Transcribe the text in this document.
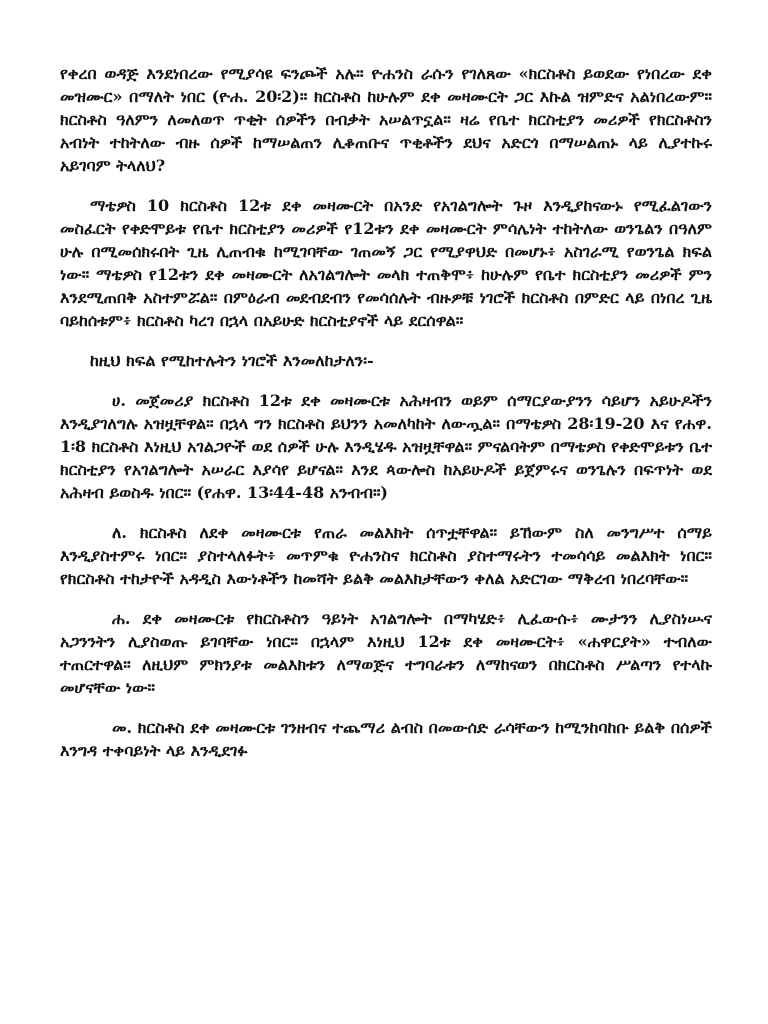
የቀረበ ወዳጅ እንደነበረው የሚያሳዩ ፍንጮች አሉ። ዮሐንስ ራሱን የገለጸው «ክርስቶስ ይወደው የነበረው ደቀ መዝሙር» በማለት ነበር (ዮሐ. 20፡2)። ክርስቶስ ከሁሉም ደቀ መዛሙርት ጋር እኩል ዝምድና አልነበረውም። ክርስቶስ ዓለምን ለመለወጥ ጥቂት ሰዎችን በብቃት አሠልጥኗል። ዛሬ የቤተ ክርስቲያን መሪዎች የክርስቶስን አብነት ተከትለው ብዙ ሰዎች ከማሠልጠን ሊቆጠቡና ጥቂቶችን ደህና አድርጎ በማሠልጠኑ ላይ ሊያተኩሩ አይገባም ትላለህ?

ማቴዎስ 10 ክርስቶስ 12ቱ ደቀ መዛሙርት በአንድ የአገልግሎት ጉዞ እንዲያከናውኑ የሚፈልገውን መስፈርት የቀድሞይቱ የቤተ ክርስቲያን መሪዎች የ12ቱን ደቀ መዛሙርት ምሳሌነት ተከትለው ወንጌልን በዓለም ሁሉ በሚመሰክሩበት ጊዜ ሊጠብቁ ከሚገባቸው ገጠመኝ ጋር የሚያዋህድ በመሆኑ፥ አስገራሚ የወንጌል ክፍል ነው። ማቴዎስ የ12ቱን ደቀ መዛሙርት ለአገልግሎት መላክ ተጠቅሞ፥ ከሁሉም የቤተ ክርስቲያን መሪዎች ምን እንደሚጠበቅ አስተምሯል። በምዕራብ መደብደብን የመሳሰሉት ብዙዎቹ ነገሮች ክርስቶስ በምድር ላይ በነበረ ጊዜ ባይከሰቱም፥ ክርስቶስ ካረገ በኋላ በአይሁድ ክርስቲያኖች ላይ ደርሰዋል።

ከዚህ ክፍል የሚከተሉትን ነገሮች እንመለከታለን፡-

ሀ. መጀመሪያ ክርስቶስ 12ቱ ደቀ መዛሙርቱ አሕዛብን ወይም ሰማርያውያንን ሳይሆን አይሁዶችን እንዲያገለግሉ አዝዟቸዋል። በኋላ ግን ክርስቶስ ይህንን አመለካከት ለውጧል። በማቴዎስ 28፡19-20 እና የሐዋ. 1፡8 ክርስቶስ እነዚህ አገልጋዮች ወደ ሰዎች ሁሉ እንዲሄዱ አዝዟቸዋል። ምናልባትም በማቴዎስ የቀድሞይቱን ቤተ ክርስቲያን የአገልግሎት አሠራር እያሳየ ይሆናል። እንደ ጳውሎስ ከአይሁዶች ይጀምሩና ወንጌሉን በፍጥነት ወደ አሕዛብ ይወስዱ ነበር። (የሐዋ. 13፡44-48 አንብብ።)

ለ. ክርስቶስ ለደቀ መዛሙርቱ የጠራ መልእክት ሰጥቷቸዋል። ይኸውም ስለ መንግሥተ ሰማይ እንዲያስተምሩ ነበር። ያስተላለፉት፥ መጥምቁ ዮሐንስና ክርስቶስ ያስተማሩትን ተመሳሳይ መልእክት ነበር። የክርስቶስ ተከታዮች አዳዲስ እውነቶችን ከመሻት ይልቅ መልእክታቸውን ቀለል አድርገው ማቅረብ ነበረባቸው።

ሐ. ደቀ መዛሙርቱ የክርስቶስን ዓይነት አገልግሎት በማካሄድ፥ ሊፈውሱ፥ ሙታንን ሊያስነሡና አጋንንትን ሊያስወጡ ይገባቸው ነበር። በኋላም እነዚህ 12ቱ ደቀ መዛሙርት፥ «ሐዋርያት» ተብለው ተጠርተዋል። ለዚህም ምክንያቱ መልእክቱን ለማወጅና ተግባራቱን ለማከናወን በክርስቶስ ሥልጣን የተላኩ መሆናቸው ነው።

መ. ክርስቶስ ደቀ መዛሙርቱ ገንዘብና ተጨማሪ ልብስ በመውሰድ ራሳቸውን ከሚንከባከቡ ይልቅ በሰዎች እንግዳ ተቀባይነት ላይ እንዲደገፉ
